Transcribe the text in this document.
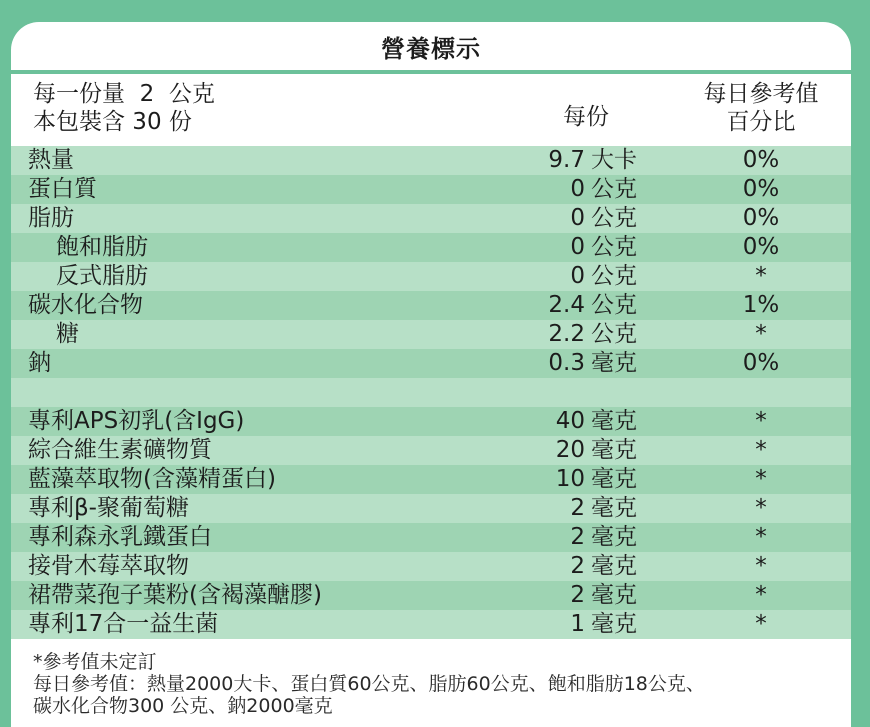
營養標示
每一份量  2  公克
本包裝含 30 份	每份
每日參考值
百分比
熱量	9.7 大卡	0%
蛋白質	0 公克	0%
脂肪	0 公克	0%
飽和脂肪	0 公克	0%
反式脂肪	0 公克	*
碳水化合物	2.4 公克	1%
糖	2.2 公克	*
鈉	0.3 毫克	0%
專利APS初乳(含IgG)	40 毫克	*
綜合維生素礦物質	20 毫克	*
藍藻萃取物(含藻精蛋白)	10 毫克	*
專利β-聚葡萄糖	2 毫克	*
專利森永乳鐵蛋白	2 毫克	*
接骨木莓萃取物	2 毫克	*
裙帶菜孢子葉粉(含褐藻醣膠)	2 毫克	*
專利17合一益生菌	1 毫克	*
*參考值未定訂
每日參考值：熱量2000大卡、蛋白質60公克、脂肪60公克、飽和脂肪18公克、
碳水化合物300 公克、鈉2000毫克
